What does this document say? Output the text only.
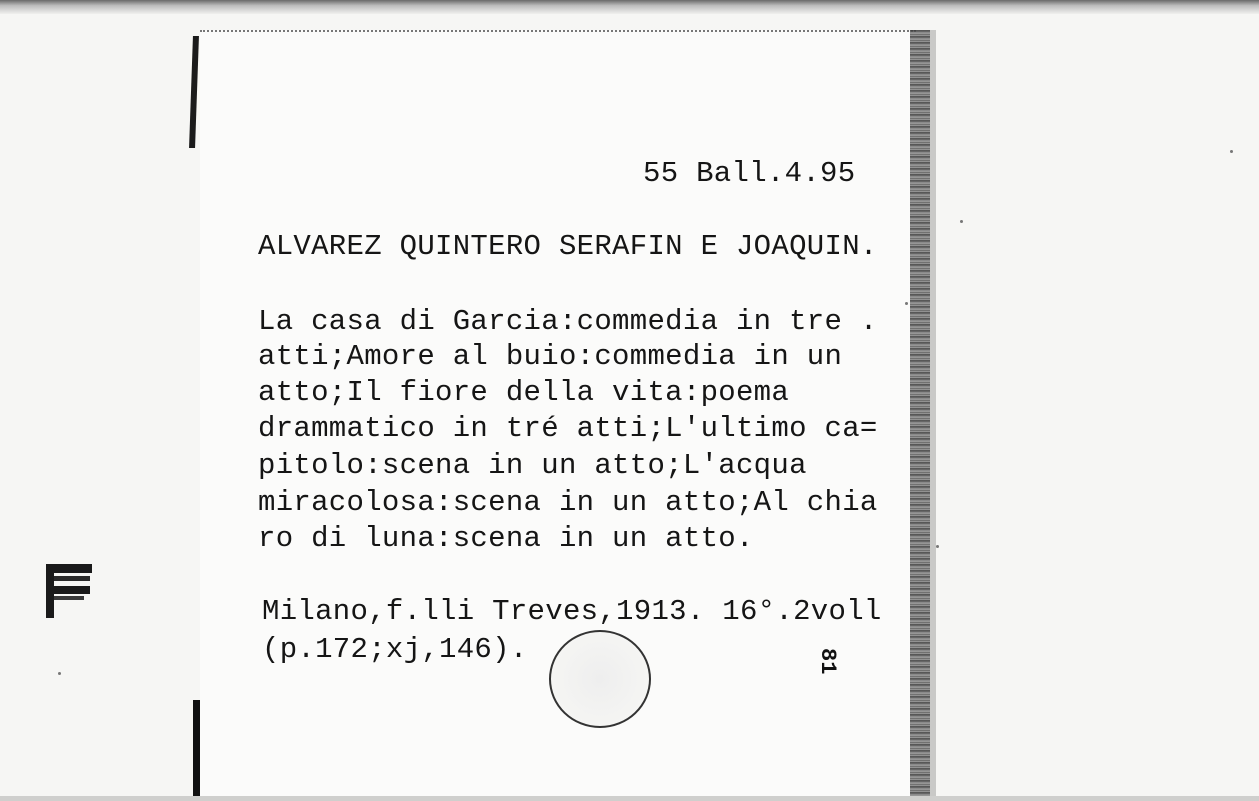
55 Ball.4.95
ALVAREZ QUINTERO SERAFIN E JOAQUIN.
La casa di Garcia:commedia in tre .
atti;Amore al buio:commedia in un
atto;Il fiore della vita:poema
drammatico in tré atti;L'ultimo ca=
pitolo:scena in un atto;L'acqua
miracolosa:scena in un atto;Al chia
ro di luna:scena in un atto.
Milano,f.lli Treves,1913. 16°.2voll
(p.172;xj,146).	81
